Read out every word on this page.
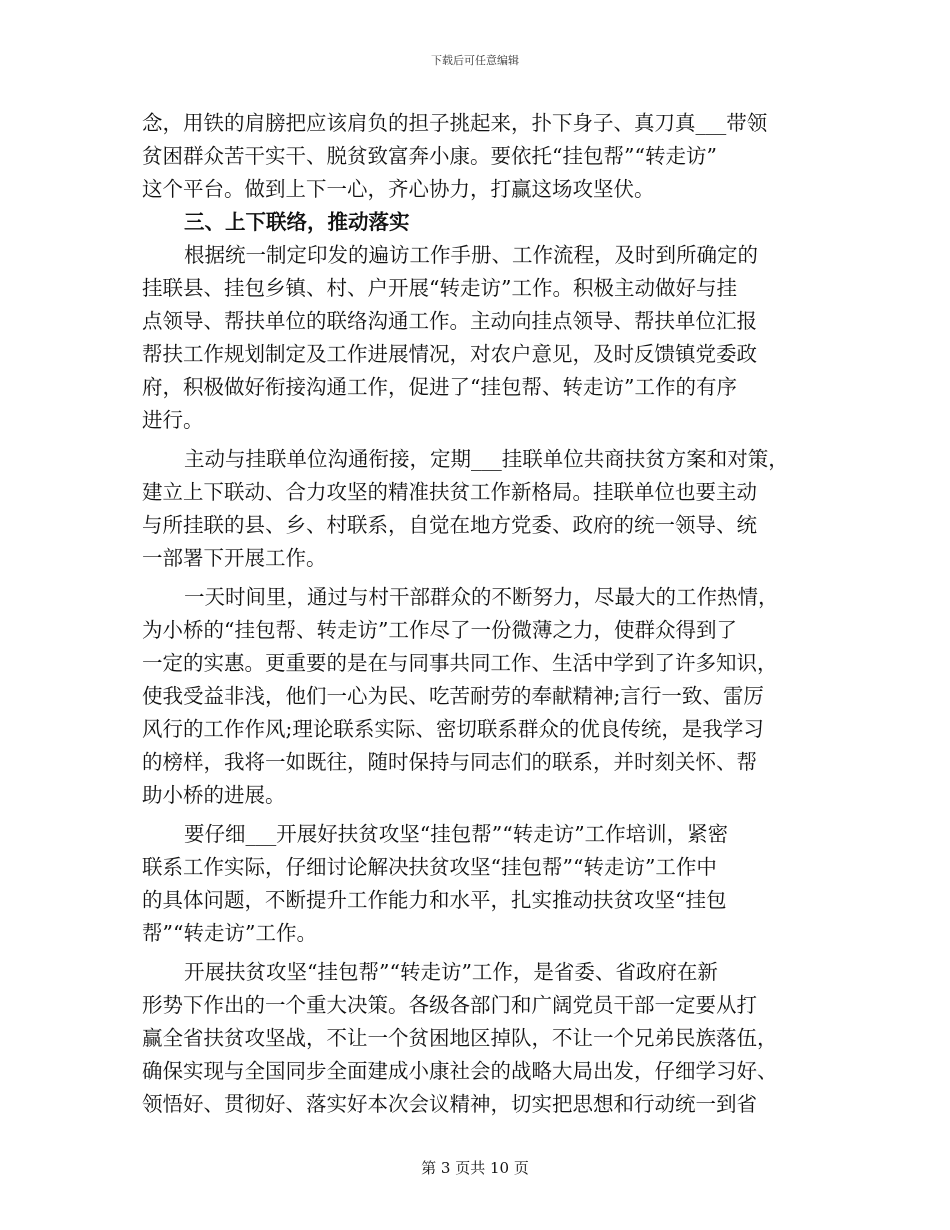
下载后可任意编辑
念，用铁的肩膀把应该肩负的担子挑起来，扑下身子、真刀真___带领
贫困群众苦干实干、脱贫致富奔小康。要依托“挂包帮”“转走访”
这个平台。做到上下一心，齐心协力，打赢这场攻坚伏。
三、上下联络，推动落实
根据统一制定印发的遍访工作手册、工作流程，及时到所确定的
挂联县、挂包乡镇、村、户开展“转走访”工作。积极主动做好与挂
点领导、帮扶单位的联络沟通工作。主动向挂点领导、帮扶单位汇报
帮扶工作规划制定及工作进展情况，对农户意见，及时反馈镇党委政
府，积极做好衔接沟通工作，促进了“挂包帮、转走访”工作的有序
进行。
主动与挂联单位沟通衔接，定期___挂联单位共商扶贫方案和对策，
建立上下联动、合力攻坚的精准扶贫工作新格局。挂联单位也要主动
与所挂联的县、乡、村联系，自觉在地方党委、政府的统一领导、统
一部署下开展工作。
一天时间里，通过与村干部群众的不断努力，尽最大的工作热情，
为小桥的“挂包帮、转走访”工作尽了一份微薄之力，使群众得到了
一定的实惠。更重要的是在与同事共同工作、生活中学到了许多知识，
使我受益非浅，他们一心为民、吃苦耐劳的奉献精神;言行一致、雷厉
风行的工作作风;理论联系实际、密切联系群众的优良传统，是我学习
的榜样，我将一如既往，随时保持与同志们的联系，并时刻关怀、帮
助小桥的进展。
要仔细___开展好扶贫攻坚“挂包帮”“转走访”工作培训，紧密
联系工作实际，仔细讨论解决扶贫攻坚“挂包帮”“转走访”工作中
的具体问题，不断提升工作能力和水平，扎实推动扶贫攻坚“挂包
帮”“转走访”工作。
开展扶贫攻坚“挂包帮”“转走访”工作，是省委、省政府在新
形势下作出的一个重大决策。各级各部门和广阔党员干部一定要从打
赢全省扶贫攻坚战，不让一个贫困地区掉队，不让一个兄弟民族落伍，
确保实现与全国同步全面建成小康社会的战略大局出发，仔细学习好、
领悟好、贯彻好、落实好本次会议精神，切实把思想和行动统一到省
第 3 页共 10 页
